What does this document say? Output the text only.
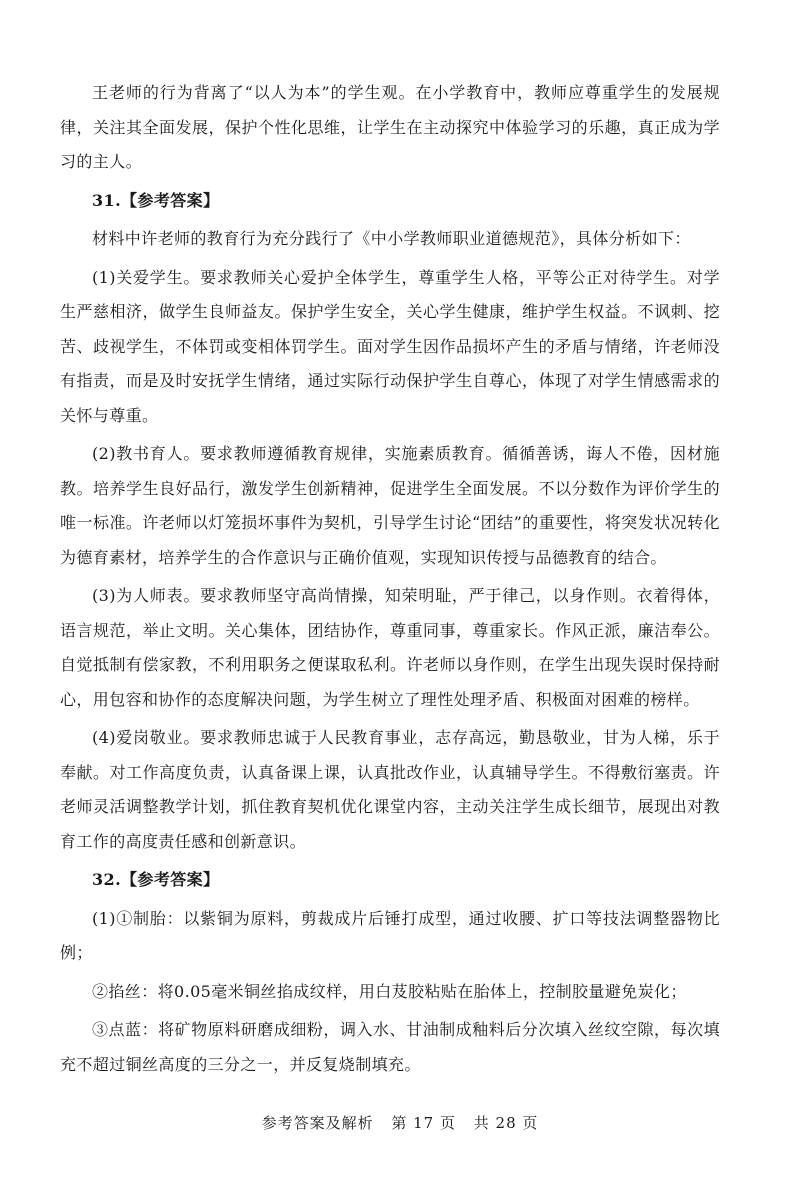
王老师的行为背离了“以人为本”的学生观。在小学教育中，教师应尊重学生的发展规律，关注其全面发展，保护个性化思维，让学生在主动探究中体验学习的乐趣，真正成为学习的主人。

31.【参考答案】

材料中许老师的教育行为充分践行了《中小学教师职业道德规范》，具体分析如下：

(1)关爱学生。要求教师关心爱护全体学生，尊重学生人格，平等公正对待学生。对学生严慈相济，做学生良师益友。保护学生安全，关心学生健康，维护学生权益。不讽刺、挖苦、歧视学生，不体罚或变相体罚学生。面对学生因作品损坏产生的矛盾与情绪，许老师没有指责，而是及时安抚学生情绪，通过实际行动保护学生自尊心，体现了对学生情感需求的关怀与尊重。

(2)教书育人。要求教师遵循教育规律，实施素质教育。循循善诱，诲人不倦，因材施教。培养学生良好品行，激发学生创新精神，促进学生全面发展。不以分数作为评价学生的唯一标准。许老师以灯笼损坏事件为契机，引导学生讨论“团结”的重要性，将突发状况转化为德育素材，培养学生的合作意识与正确价值观，实现知识传授与品德教育的结合。

(3)为人师表。要求教师坚守高尚情操，知荣明耻，严于律己，以身作则。衣着得体，语言规范，举止文明。关心集体，团结协作，尊重同事，尊重家长。作风正派，廉洁奉公。自觉抵制有偿家教，不利用职务之便谋取私利。许老师以身作则，在学生出现失误时保持耐心，用包容和协作的态度解决问题，为学生树立了理性处理矛盾、积极面对困难的榜样。

(4)爱岗敬业。要求教师忠诚于人民教育事业，志存高远，勤恳敬业，甘为人梯，乐于奉献。对工作高度负责，认真备课上课，认真批改作业，认真辅导学生。不得敷衍塞责。许老师灵活调整教学计划，抓住教育契机优化课堂内容，主动关注学生成长细节，展现出对教育工作的高度责任感和创新意识。

32.【参考答案】

(1)①制胎：以紫铜为原料，剪裁成片后锤打成型，通过收腰、扩口等技法调整器物比例；

②掐丝：将0.05毫米铜丝掐成纹样，用白芨胶粘贴在胎体上，控制胶量避免炭化；

③点蓝：将矿物原料研磨成细粉，调入水、甘油制成釉料后分次填入丝纹空隙，每次填充不超过铜丝高度的三分之一，并反复烧制填充。

参考答案及解析 第 17 页 共 28 页
